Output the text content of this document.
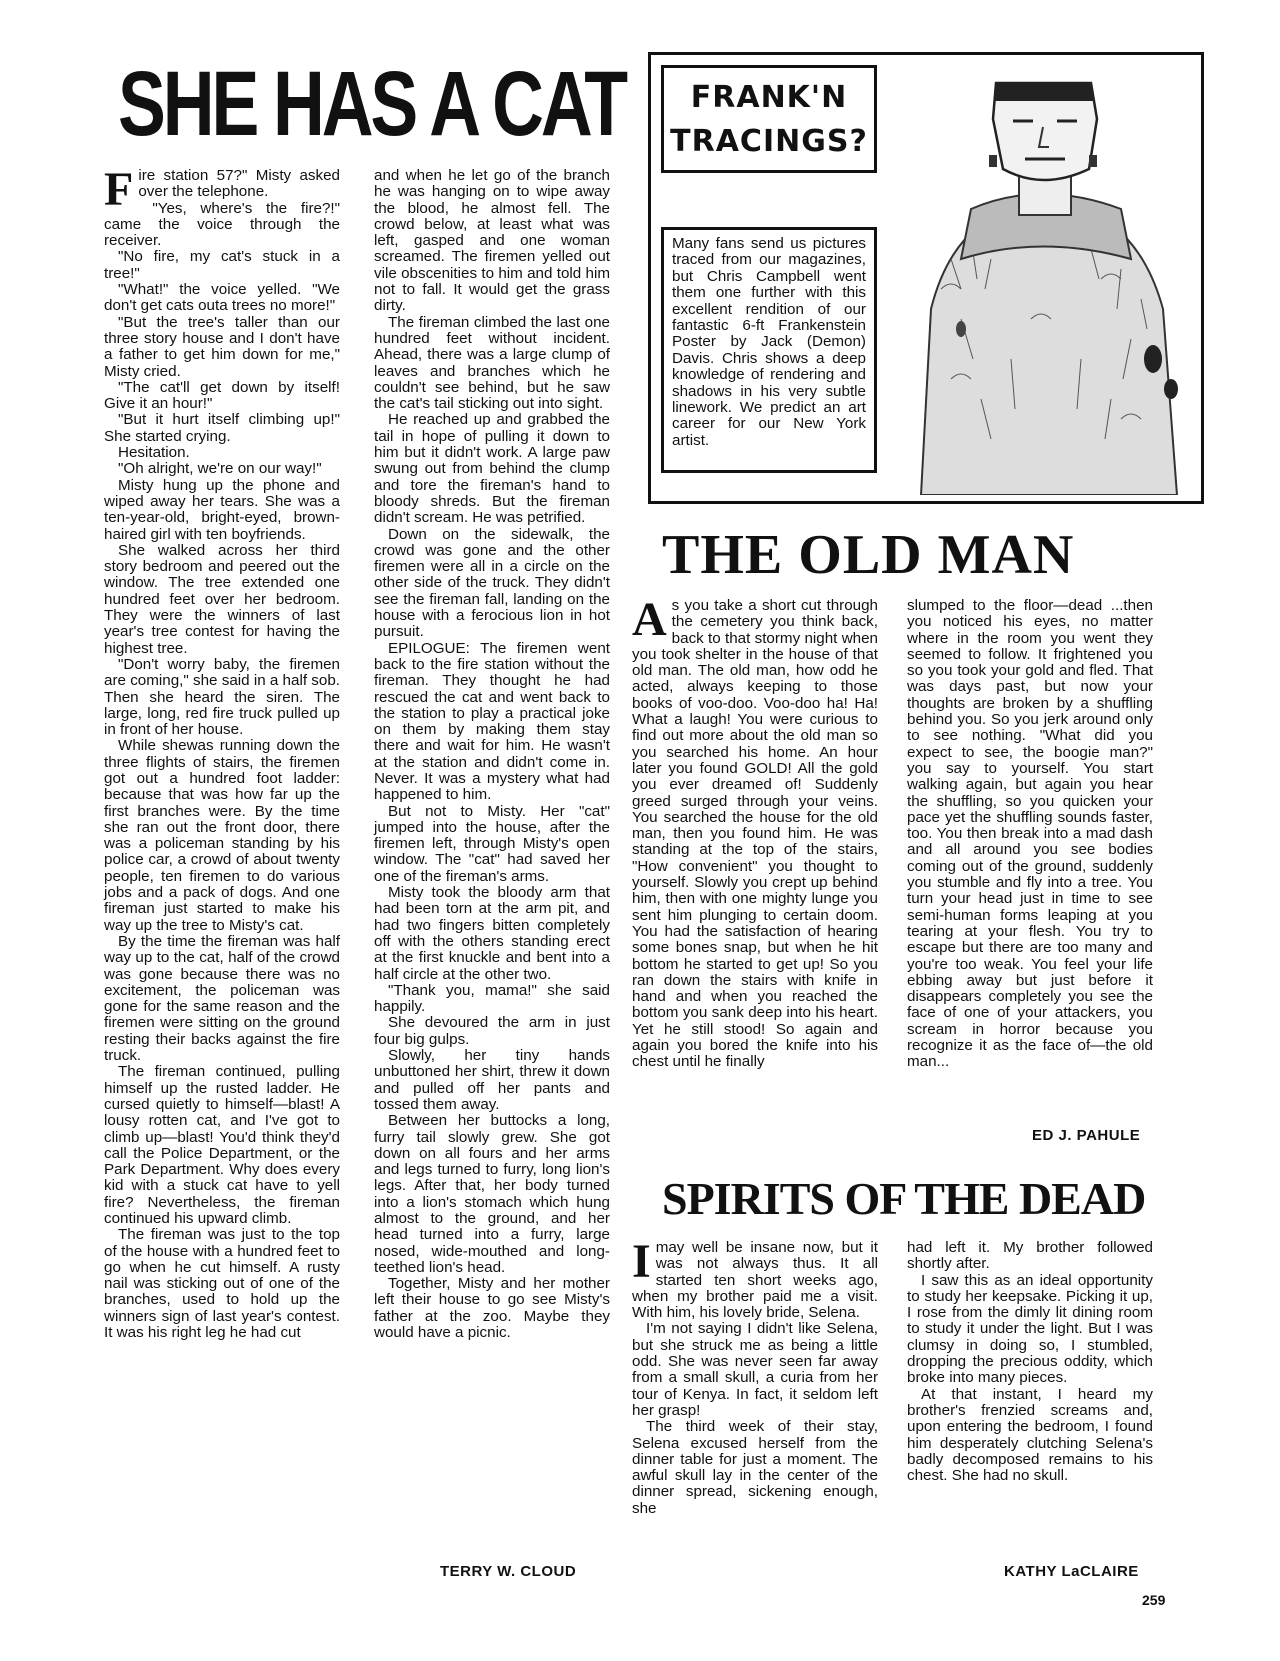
SHE HAS A CAT

Fire station 57?" Misty asked over the telephone.

"Yes, where's the fire?!" came the voice through the receiver.

"No fire, my cat's stuck in a tree!"

"What!" the voice yelled. "We don't get cats outa trees no more!"

"But the tree's taller than our three story house and I don't have a father to get him down for me," Misty cried.

"The cat'll get down by itself! Give it an hour!"

"But it hurt itself climbing up!" She started crying.

Hesitation.

"Oh alright, we're on our way!"

Misty hung up the phone and wiped away her tears. She was a ten-year-old, bright-eyed, brown-haired girl with ten boyfriends.

She walked across her third story bedroom and peered out the window. The tree extended one hundred feet over her bedroom. They were the winners of last year's tree contest for having the highest tree.

"Don't worry baby, the firemen are coming," she said in a half sob. Then she heard the siren. The large, long, red fire truck pulled up in front of her house.

While shewas running down the three flights of stairs, the firemen got out a hundred foot ladder: because that was how far up the first branches were. By the time she ran out the front door, there was a policeman standing by his police car, a crowd of about twenty people, ten firemen to do various jobs and a pack of dogs. And one fireman just started to make his way up the tree to Misty's cat.

By the time the fireman was half way up to the cat, half of the crowd was gone because there was no excitement, the policeman was gone for the same reason and the firemen were sitting on the ground resting their backs against the fire truck.

The fireman continued, pulling himself up the rusted ladder. He cursed quietly to himself—blast! A lousy rotten cat, and I've got to climb up—blast! You'd think they'd call the Police Department, or the Park Department. Why does every kid with a stuck cat have to yell fire? Nevertheless, the fireman continued his upward climb.

The fireman was just to the top of the house with a hundred feet to go when he cut himself. A rusty nail was sticking out of one of the branches, used to hold up the winners sign of last year's contest. It was his right leg he had cut

and when he let go of the branch he was hanging on to wipe away the blood, he almost fell. The crowd below, at least what was left, gasped and one woman screamed. The firemen yelled out vile obscenities to him and told him not to fall. It would get the grass dirty.

The fireman climbed the last one hundred feet without incident. Ahead, there was a large clump of leaves and branches which he couldn't see behind, but he saw the cat's tail sticking out into sight.

He reached up and grabbed the tail in hope of pulling it down to him but it didn't work. A large paw swung out from behind the clump and tore the fireman's hand to bloody shreds. But the fireman didn't scream. He was petrified.

Down on the sidewalk, the crowd was gone and the other firemen were all in a circle on the other side of the truck. They didn't see the fireman fall, landing on the house with a ferocious lion in hot pursuit.

EPILOGUE: The firemen went back to the fire station without the fireman. They thought he had rescued the cat and went back to the station to play a practical joke on them by making them stay there and wait for him. He wasn't at the station and didn't come in. Never. It was a mystery what had happened to him.

But not to Misty. Her "cat" jumped into the house, after the firemen left, through Misty's open window. The "cat" had saved her one of the fireman's arms.

Misty took the bloody arm that had been torn at the arm pit, and had two fingers bitten completely off with the others standing erect at the first knuckle and bent into a half circle at the other two.

"Thank you, mama!" she said happily.

She devoured the arm in just four big gulps.

Slowly, her tiny hands unbuttoned her shirt, threw it down and pulled off her pants and tossed them away.

Between her buttocks a long, furry tail slowly grew. She got down on all fours and her arms and legs turned to furry, long lion's legs. After that, her body turned into a lion's stomach which hung almost to the ground, and her head turned into a furry, large nosed, wide-mouthed and long-teethed lion's head.

Together, Misty and her mother left their house to go see Misty's father at the zoo. Maybe they would have a picnic.

TERRY W. CLOUD
FRANK'N
TRACINGS?
Many fans send us pictures traced from our magazines, but Chris Campbell went them one further with this excellent rendition of our fantastic 6-ft Frankenstein Poster by Jack (Demon) Davis. Chris shows a deep knowledge of rendering and shadows in his very subtle linework. We predict an art career for our New York artist.
THE OLD MAN

As you take a short cut through the cemetery you think back, back to that stormy night when you took shelter in the house of that old man. The old man, how odd he acted, always keeping to those books of voo-doo. Voo-doo ha! Ha! What a laugh! You were curious to find out more about the old man so you searched his home. An hour later you found GOLD! All the gold you ever dreamed of! Suddenly greed surged through your veins. You searched the house for the old man, then you found him. He was standing at the top of the stairs, "How convenient" you thought to yourself. Slowly you crept up behind him, then with one mighty lunge you sent him plunging to certain doom. You had the satisfaction of hearing some bones snap, but when he hit bottom he started to get up! So you ran down the stairs with knife in hand and when you reached the bottom you sank deep into his heart. Yet he still stood! So again and again you bored the knife into his chest until he finally

slumped to the floor—dead ...then you noticed his eyes, no matter where in the room you went they seemed to follow. It frightened you so you took your gold and fled. That was days past, but now your thoughts are broken by a shuffling behind you. So you jerk around only to see nothing. "What did you expect to see, the boogie man?" you say to yourself. You start walking again, but again you hear the shuffling, so you quicken your pace yet the shuffling sounds faster, too. You then break into a mad dash and all around you see bodies coming out of the ground, suddenly you stumble and fly into a tree. You turn your head just in time to see semi-human forms leaping at you tearing at your flesh. You try to escape but there are too many and you're too weak. You feel your life ebbing away but just before it disappears completely you see the face of one of your attackers, you scream in horror because you recognize it as the face of—the old man...

ED J. PAHULE
SPIRITS OF THE DEAD

Imay well be insane now, but it was not always thus. It all started ten short weeks ago, when my brother paid me a visit. With him, his lovely bride, Selena.

I'm not saying I didn't like Selena, but she struck me as being a little odd. She was never seen far away from a small skull, a curia from her tour of Kenya. In fact, it seldom left her grasp!

The third week of their stay, Selena excused herself from the dinner table for just a moment. The awful skull lay in the center of the dinner spread, sickening enough, she

had left it. My brother followed shortly after.

I saw this as an ideal opportunity to study her keepsake. Picking it up, I rose from the dimly lit dining room to study it under the light. But I was clumsy in doing so, I stumbled, dropping the precious oddity, which broke into many pieces.

At that instant, I heard my brother's frenzied screams and, upon entering the bedroom, I found him desperately clutching Selena's badly decomposed remains to his chest. She had no skull.

KATHY LaCLAIRE
259
